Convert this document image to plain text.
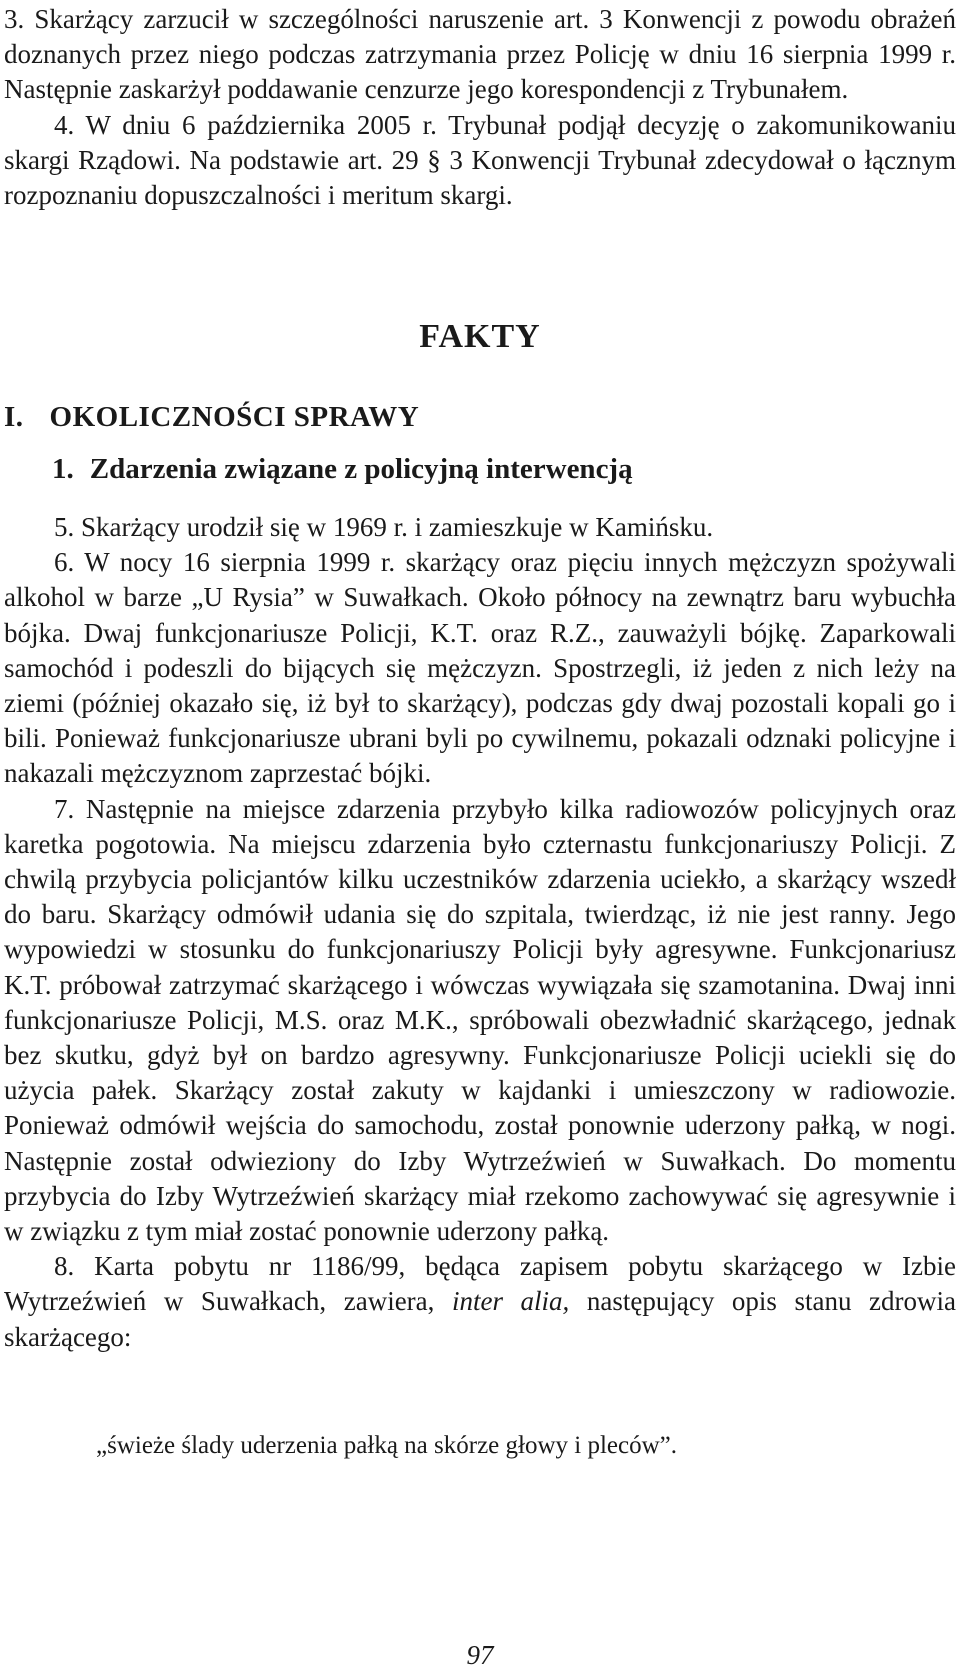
3. Skarżący zarzucił w szczególności naruszenie art. 3 Konwencji z powodu obrażeń doznanych przez niego podczas zatrzymania przez Policję w dniu 16 sierpnia 1999 r. Następnie zaskarżył poddawanie cenzurze jego korespondencji z Trybunałem.

4. W dniu 6 października 2005 r. Trybunał podjął decyzję o zakomunikowaniu skargi Rządowi. Na podstawie art. 29 § 3 Konwencji Trybunał zdecydował o łącznym rozpoznaniu dopuszczalności i meritum skargi.

FAKTY
I. OKOLICZNOŚCI SPRAWY
1. Zdarzenia związane z policyjną interwencją

5. Skarżący urodził się w 1969 r. i zamieszkuje w Kamińsku.

6. W nocy 16 sierpnia 1999 r. skarżący oraz pięciu innych mężczyzn spożywali alkohol w barze „U Rysia” w Suwałkach. Około północy na zewnątrz baru wybuchła bójka. Dwaj funkcjonariusze Policji, K.T. oraz R.Z., zauważyli bójkę. Zaparkowali samochód i podeszli do bijących się mężczyzn. Spostrzegli, iż jeden z nich leży na ziemi (później okazało się, iż był to skarżący), podczas gdy dwaj pozostali kopali go i bili. Ponieważ funkcjonariusze ubrani byli po cywilnemu, pokazali odznaki policyjne i nakazali mężczyznom zaprzestać bójki.

7. Następnie na miejsce zdarzenia przybyło kilka radiowozów policyjnych oraz karetka pogotowia. Na miejscu zdarzenia było czternastu funkcjonariuszy Policji. Z chwilą przybycia policjantów kilku uczestników zdarzenia uciekło, a skarżący wszedł do baru. Skarżący odmówił udania się do szpitala, twierdząc, iż nie jest ranny. Jego wypowiedzi w stosunku do funkcjonariuszy Policji były agresywne. Funkcjonariusz K.T. próbował zatrzymać skarżącego i wówczas wywiązała się szamotanina. Dwaj inni funkcjonariusze Policji, M.S. oraz M.K., spróbowali obezwładnić skarżącego, jednak bez skutku, gdyż był on bardzo agresywny. Funkcjonariusze Policji uciekli się do użycia pałek. Skarżący został zakuty w kajdanki i umieszczony w radiowozie. Ponieważ odmówił wejścia do samochodu, został ponownie uderzony pałką, w nogi. Następnie został odwieziony do Izby Wytrzeźwień w Suwałkach. Do momentu przybycia do Izby Wytrzeźwień skarżący miał rzekomo zachowywać się agresywnie i w związku z tym miał zostać ponownie uderzony pałką.

8. Karta pobytu nr 1186/99, będąca zapisem pobytu skarżącego w Izbie Wytrzeźwień w Suwałkach, zawiera, inter alia, następujący opis stanu zdrowia skarżącego:

„świeże ślady uderzenia pałką na skórze głowy i pleców”.

97
